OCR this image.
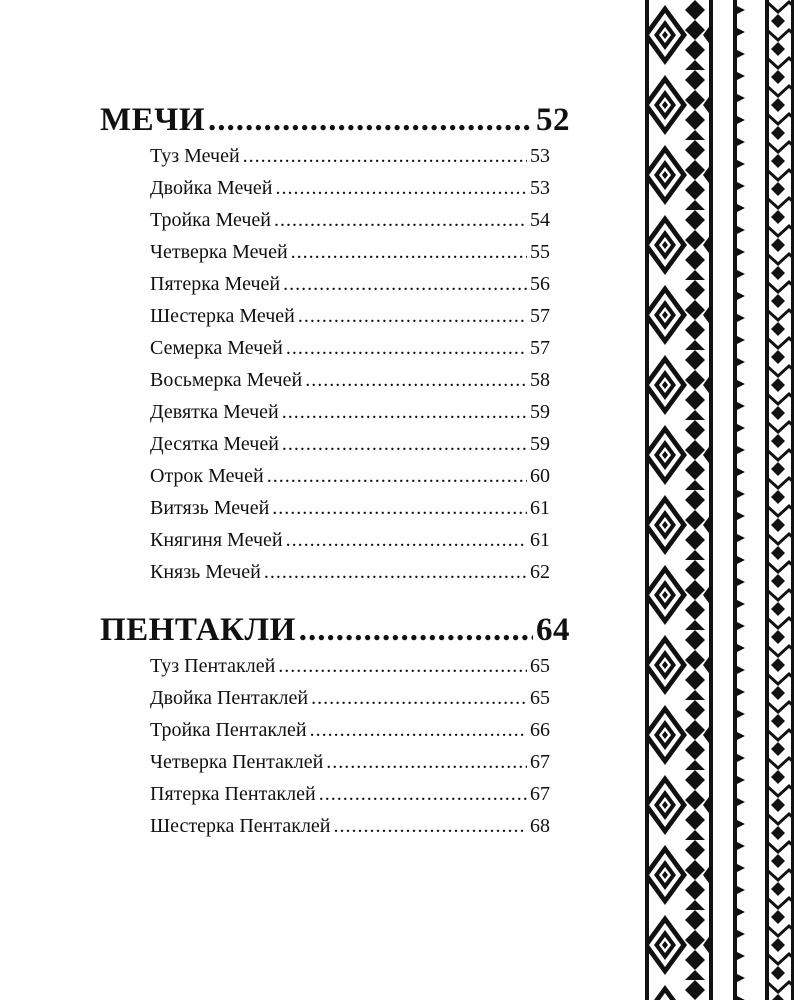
МЕЧИ .....	52
Туз Мечей .....	53
Двойка Мечей .....	53
Тройка Мечей .....	54
Четверка Мечей .....	55
Пятерка Мечей .....	56
Шестерка Мечей .....	57
Семерка Мечей .....	57
Восьмерка Мечей .....	58
Девятка Мечей .....	59
Десятка Мечей .....	59
Отрок Мечей .....	60
Витязь Мечей .....	61
Княгиня Мечей .....	61
Князь Мечей .....	62
ПЕНТАКЛИ .....	64
Туз Пентаклей .....	65
Двойка Пентаклей .....	65
Тройка Пентаклей .....	66
Четверка Пентаклей .....	67
Пятерка Пентаклей .....	67
Шестерка Пентаклей .....	68
